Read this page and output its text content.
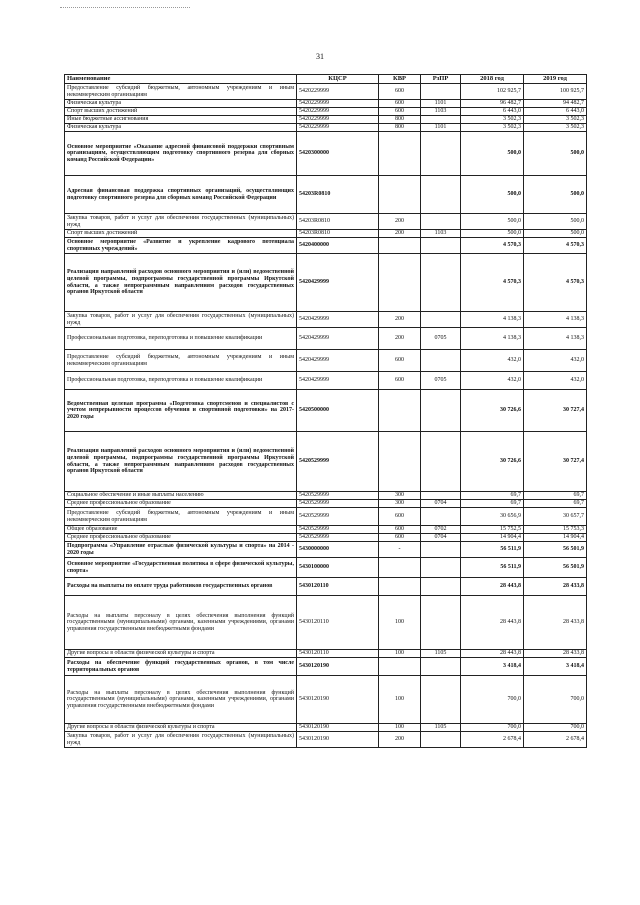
31
Наименование	КЦСР	КВР	РзПР	2018 год	2019 год
Предоставление субсидий бюджетным, автономным учреждениям и иным некоммерческим организациям	5420229999	600		102 925,7	100 925,7
Физическая культура	5420229999	600	1101	96 482,7	94 482,7
Спорт высших достижений	5420229999	600	1103	6 443,0	6 443,0
Иные бюджетные ассигнования	5420229999	800		3 502,3	3 502,3
Физическая культура	5420229999	800	1101	3 502,3	3 502,3
Основное мероприятие «Оказание адресной финансовой поддержки спортивным организациям, осуществляющим подготовку спортивного резерва для сборных команд Российской Федерации»	5420300000			500,0	500,0
Адресная финансовая поддержка спортивных организаций, осуществляющих подготовку спортивного резерва для сборных команд Российской Федерации	54203R0810			500,0	500,0
Закупка товаров, работ и услуг для обеспечения государственных (муниципальных) нужд	54203R0810	200		500,0	500,0
Спорт высших достижений	54203R0810	200	1103	500,0	500,0
Основное мероприятие «Развитие и укрепление кадрового потенциала спортивных учреждений»	5420400000			4 570,3	4 570,3
Реализация направлений расходов основного мероприятия и (или) ведомственной целевой программы, подпрограммы государственной программы Иркутской области, а также непрограммным направлениям расходов государственных органов Иркутской области	5420429999			4 570,3	4 570,3
Закупка товаров, работ и услуг для обеспечения государственных (муниципальных) нужд	5420429999	200		4 138,3	4 138,3
Профессиональная подготовка, переподготовка и повышение квалификации	5420429999	200	0705	4 138,3	4 138,3
Предоставление субсидий бюджетным, автономным учреждениям и иным некоммерческим организациям	5420429999	600		432,0	432,0
Профессиональная подготовка, переподготовка и повышение квалификации	5420429999	600	0705	432,0	432,0
Ведомственная целевая программа «Подготовка спортсменов и специалистов с учетом непрерывности процессов обучения и спортивной подготовки» на 2017-2020 годы	5420500000			30 726,6	30 727,4
Реализация направлений расходов основного мероприятия и (или) ведомственной целевой программы, подпрограммы государственной программы Иркутской области, а также непрограммным направлениям расходов государственных органов Иркутской области	5420529999			30 726,6	30 727,4
Социальное обеспечение и иные выплаты населению	5420529999	300		69,7	69,7
Среднее профессиональное образование	5420529999	300	0704	69,7	69,7
Предоставление субсидий бюджетным, автономным учреждениям и иным некоммерческим организациям	5420529999	600		30 656,9	30 657,7
Общее образование	5420529999	600	0702	15 752,5	15 753,3
Среднее профессиональное образование	5420529999	600	0704	14 904,4	14 904,4
Подпрограмма «Управление отраслью физической культуры и спорта» на 2014 - 2020 годы	5430000000	-		56 511,9	56 501,9
Основное мероприятие «Государственная политика в сфере физической культуры, спорта»	5430100000			56 511,9	56 501,9
Расходы на выплаты по оплате труда работников государственных органов	5430120110			28 443,8	28 433,8
Расходы на выплаты персоналу в целях обеспечения выполнения функций государственными (муниципальными) органами, казенными учреждениями, органами управления государственными внебюджетными фондами	5430120110	100		28 443,8	28 433,8
Другие вопросы в области физической культуры и спорта	5430120110	100	1105	28 443,8	28 433,8
Расходы на обеспечение функций государственных органов, в том числе территориальных органов	5430120190			3 418,4	3 418,4
Расходы на выплаты персоналу в целях обеспечения выполнения функций государственными (муниципальными) органами, казенными учреждениями, органами управления государственными внебюджетными фондами	5430120190	100		700,0	700,0
Другие вопросы в области физической культуры и спорта	5430120190	100	1105	700,0	700,0
Закупка товаров, работ и услуг для обеспечения государственных (муниципальных) нужд	5430120190	200		2 678,4	2 678,4
